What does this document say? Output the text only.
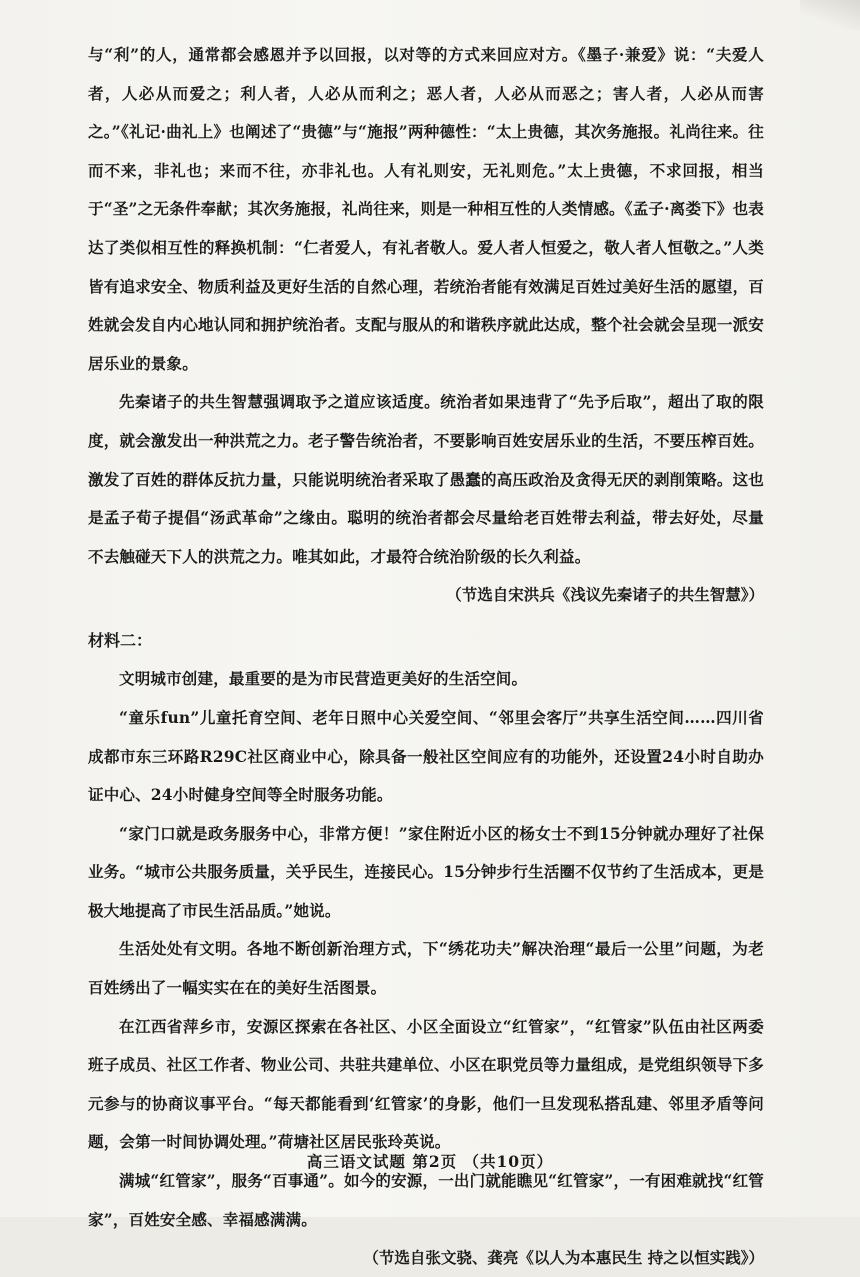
与“利”的人，通常都会感恩并予以回报，以对等的方式来回应对方。《墨子·兼爱》说：“夫爱人者，人必从而爱之；利人者，人必从而利之；恶人者，人必从而恶之；害人者，人必从而害之。”《礼记·曲礼上》也阐述了“贵德”与“施报”两种德性：“太上贵德，其次务施报。礼尚往来。往而不来，非礼也；来而不往，亦非礼也。人有礼则安，无礼则危。”太上贵德，不求回报，相当于“圣”之无条件奉献；其次务施报，礼尚往来，则是一种相互性的人类情感。《孟子·离娄下》也表达了类似相互性的释换机制：“仁者爱人，有礼者敬人。爱人者人恒爱之，敬人者人恒敬之。”人类皆有追求安全、物质利益及更好生活的自然心理，若统治者能有效满足百姓过美好生活的愿望，百姓就会发自内心地认同和拥护统治者。支配与服从的和谐秩序就此达成，整个社会就会呈现一派安居乐业的景象。

先秦诸子的共生智慧强调取予之道应该适度。统治者如果违背了“先予后取”，超出了取的限度，就会激发出一种洪荒之力。老子警告统治者，不要影响百姓安居乐业的生活，不要压榨百姓。激发了百姓的群体反抗力量，只能说明统治者采取了愚蠢的高压政治及贪得无厌的剥削策略。这也是孟子荀子提倡“汤武革命”之缘由。聪明的统治者都会尽量给老百姓带去利益，带去好处，尽量不去触碰天下人的洪荒之力。唯其如此，才最符合统治阶级的长久利益。

（节选自宋洪兵《浅议先秦诸子的共生智慧》）

材料二：

文明城市创建，最重要的是为市民营造更美好的生活空间。

“童乐fun”儿童托育空间、老年日照中心关爱空间、“邻里会客厅”共享生活空间……四川省成都市东三环路R29C社区商业中心，除具备一般社区空间应有的功能外，还设置24小时自助办证中心、24小时健身空间等全时服务功能。

“家门口就是政务服务中心，非常方便！”家住附近小区的杨女士不到15分钟就办理好了社保业务。“城市公共服务质量，关乎民生，连接民心。15分钟步行生活圈不仅节约了生活成本，更是极大地提高了市民生活品质。”她说。

生活处处有文明。各地不断创新治理方式，下“绣花功夫”解决治理“最后一公里”问题，为老百姓绣出了一幅实实在在的美好生活图景。

在江西省萍乡市，安源区探索在各社区、小区全面设立“红管家”，“红管家”队伍由社区两委班子成员、社区工作者、物业公司、共驻共建单位、小区在职党员等力量组成，是党组织领导下多元参与的协商议事平台。“每天都能看到‘红管家’的身影，他们一旦发现私搭乱建、邻里矛盾等问题，会第一时间协调处理。”荷塘社区居民张玲英说。

满城“红管家”，服务“百事通”。如今的安源，一出门就能瞧见“红管家”，一有困难就找“红管家”，百姓安全感、幸福感满满。

（节选自张文骁、龚亮《以人为本惠民生 持之以恒实践》）

高三语文试题 第2页 （共10页）
